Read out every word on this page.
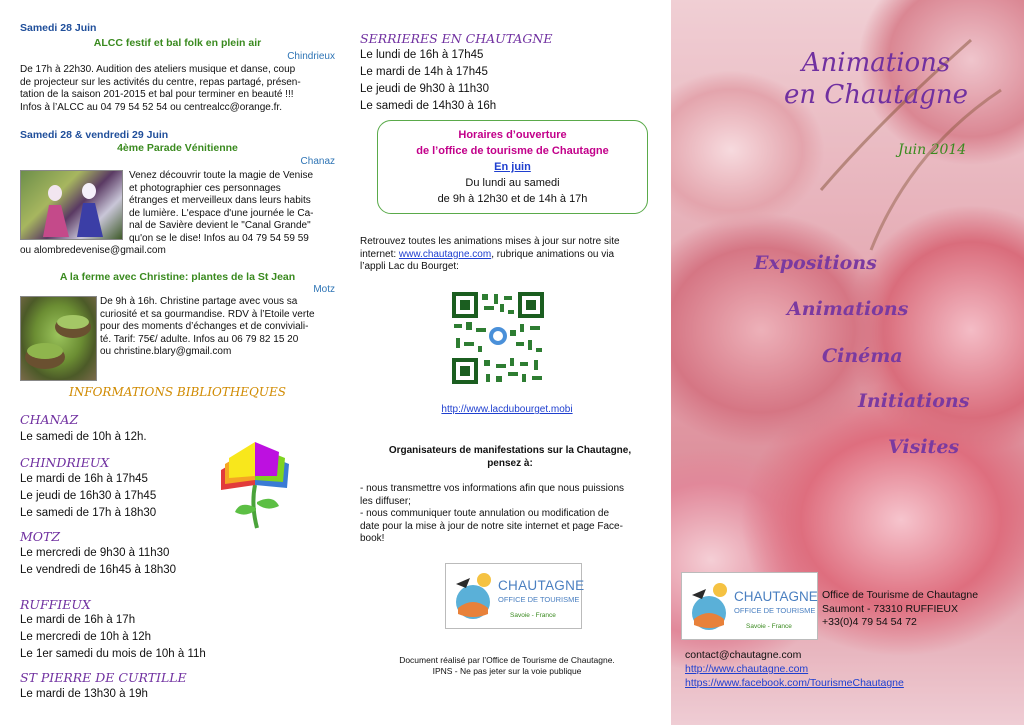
Samedi 28 Juin
ALCC festif et bal folk en plein air
Chindrieux
De 17h à 22h30. Audition des ateliers musique et danse, coup
de projecteur sur les activités du centre, repas partagé, présen-
tation de la saison 201-2015 et bal pour terminer en beauté !!!
Infos à l’ALCC au 04 79 54 52 54 ou centrealcc@orange.fr.
Samedi 28 & vendredi 29 Juin
4ème Parade Vénitienne
Chanaz
Venez découvrir toute la magie de Venise
et photographier ces personnages
étranges et merveilleux dans leurs habits
de lumière. L'espace d'une journée le Ca-
nal de Savière devient le "Canal Grande"
qu'on se le dise! Infos au 04 79 54 59 59
ou alombredevenise@gmail.com
A la ferme avec Christine: plantes de la St Jean
Motz
De 9h à 16h. Christine partage avec vous sa
curiosité et sa gourmandise. RDV à l’Etoile verte
pour des moments d’échanges et de conviviali-
té. Tarif: 75€/ adulte. Infos au 06 79 82 15 20
ou christine.blary@gmail.com
INFORMATIONS BIBLIOTHEQUES
CHANAZ
Le samedi de 10h à 12h.
CHINDRIEUX
Le mardi de 16h à 17h45
Le jeudi de 16h30 à 17h45
Le samedi de 17h à 18h30
MOTZ
Le mercredi de 9h30 à 11h30
Le vendredi de 16h45 à 18h30
RUFFIEUX
Le mardi de 16h à 17h
Le mercredi de 10h à 12h
Le 1er samedi du mois de 10h à 11h
ST PIERRE DE CURTILLE
Le mardi de 13h30 à 19h
SERRIERES EN CHAUTAGNE
Le lundi de 16h à 17h45
Le mardi de 14h à 17h45
Le jeudi de 9h30 à 11h30
Le samedi de 14h30 à 16h
Horaires d’ouverture
de l’office de tourisme de Chautagne
En juin
Du lundi au samedi
de 9h à 12h30 et de 14h à 17h
Retrouvez toutes les animations mises à jour sur notre site
internet: www.chautagne.com, rubrique animations ou via
l’appli Lac du Bourget:
http://www.lacdubourget.mobi
Organisateurs de manifestations sur la Chautagne,
pensez à:
- nous transmettre vos informations afin que nous puissions
les diffuser;
- nous communiquer toute annulation ou modification de
date pour la mise à jour de notre site internet et page Face-
book!
CHAUTAGNE
OFFICE DE TOURISME
Savoie - France
Document réalisé par l’Office de Tourisme de Chautagne.
IPNS - Ne pas jeter sur la voie publique
Animations
en Chautagne
Juin 2014
Expositions
Animations
Cinéma
Initiations
Visites
CHAUTAGNE
OFFICE DE TOURISME
Savoie - France
Office de Tourisme de Chautagne
Saumont - 73310 RUFFIEUX
+33(0)4 79 54 54 72
contact@chautagne.com
http://www.chautagne.com
https://www.facebook.com/TourismeChautagne
